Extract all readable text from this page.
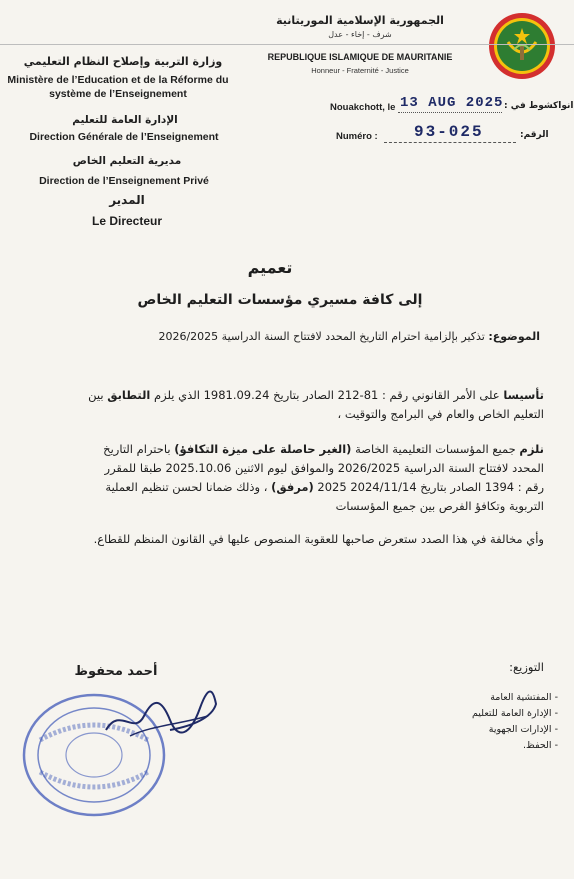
الجمهورية الإسلامية الموريتانية
شرف - إخاء - عدل
REPUBLIQUE ISLAMIQUE DE MAURITANIE
Honneur - Fraternité - Justice
وزارة التربية وإصلاح النظام التعليمي
Ministère de l’Education et de la Réforme du système de l’Enseignement
الإدارة العامة للتعليم
Direction Générale de l’Enseignement
مديرية التعليم الخاص
Direction de l’Enseignement Privé
المدير
Le Directeur
Nouakchott, le 13 AUG 2025 انواكشوط في :
Numéro : 93-025	الرقم:
تعميم
إلى كافة مسيري مؤسسات التعليم الخاص
الموضوع: تذكير بإلزامية احترام التاريخ المحدد لافتتاح السنة الدراسية 2026/2025
تأسيسا على الأمر القانوني رقم : 81-212 الصادر بتاريخ 1981.09.24 الذي يلزم التطابق بين التعليم الخاص والعام في البرامج والتوقيت ،
نلزم جميع المؤسسات التعليمية الخاصة (الغير حاصلة على ميزة التكافؤ) باحترام التاريخ المحدد لافتتاح السنة الدراسية 2026/2025 والموافق ليوم الاثنين 2025.10.06 طبقا للمقرر رقم : 1394 الصادر بتاريخ 2024/11/14 2025 (مرفق) ، وذلك ضمانا لحسن تنظيم العملية التربوية وتكافؤ الفرص بين جميع المؤسسات
وأي مخالفة في هذا الصدد ستعرض صاحبها للعقوبة المنصوص عليها في القانون المنظم للقطاع.
التوزيع:
- المفتشية العامة
- الإدارة العامة للتعليم
- الإدارات الجهوية
- الحفظ.
أحمد محفوظ
